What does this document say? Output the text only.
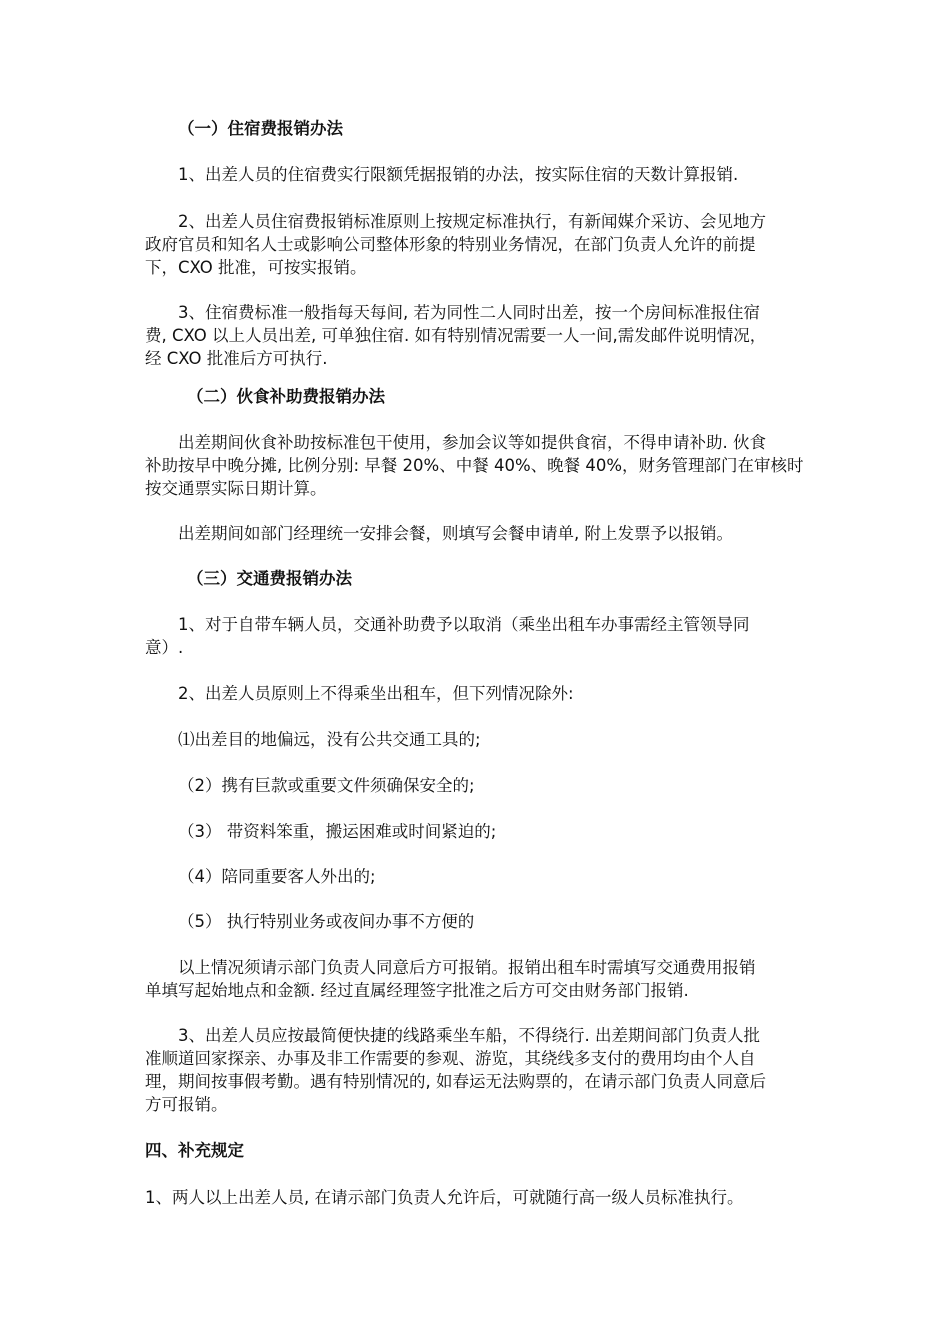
（一）住宿费报销办法

1、出差人员的住宿费实行限额凭据报销的办法，按实际住宿的天数计算报销.

2、出差人员住宿费报销标准原则上按规定标准执行，有新闻媒介采访、会见地方

政府官员和知名人士或影响公司整体形象的特别业务情况，在部门负责人允许的前提

下，CXO 批准，可按实报销。

3、住宿费标准一般指每天每间, 若为同性二人同时出差，按一个房间标准报住宿

费, CXO 以上人员出差, 可单独住宿. 如有特别情况需要一人一间,需发邮件说明情况，

经 CXO 批准后方可执行.

（二）伙食补助费报销办法

出差期间伙食补助按标准包干使用，参加会议等如提供食宿，不得申请补助. 伙食

补助按早中晚分摊, 比例分别: 早餐 20%、中餐 40%、晚餐 40%，财务管理部门在审核时

按交通票实际日期计算。

出差期间如部门经理统一安排会餐，则填写会餐申请单, 附上发票予以报销。

（三）交通费报销办法

1、对于自带车辆人员，交通补助费予以取消（乘坐出租车办事需经主管领导同

意）.

2、出差人员原则上不得乘坐出租车，但下列情况除外:

⑴出差目的地偏远，没有公共交通工具的;

（2）携有巨款或重要文件须确保安全的;

（3） 带资料笨重，搬运困难或时间紧迫的;

（4）陪同重要客人外出的;

（5） 执行特别业务或夜间办事不方便的

以上情况须请示部门负责人同意后方可报销。报销出租车时需填写交通费用报销

单填写起始地点和金额. 经过直属经理签字批准之后方可交由财务部门报销.

3、出差人员应按最简便快捷的线路乘坐车船，不得绕行. 出差期间部门负责人批

准顺道回家探亲、办事及非工作需要的参观、游览，其绕线多支付的费用均由个人自

理，期间按事假考勤。遇有特别情况的, 如春运无法购票的，在请示部门负责人同意后

方可报销。

四、补充规定

1、两人以上出差人员, 在请示部门负责人允许后，可就随行高一级人员标准执行。
